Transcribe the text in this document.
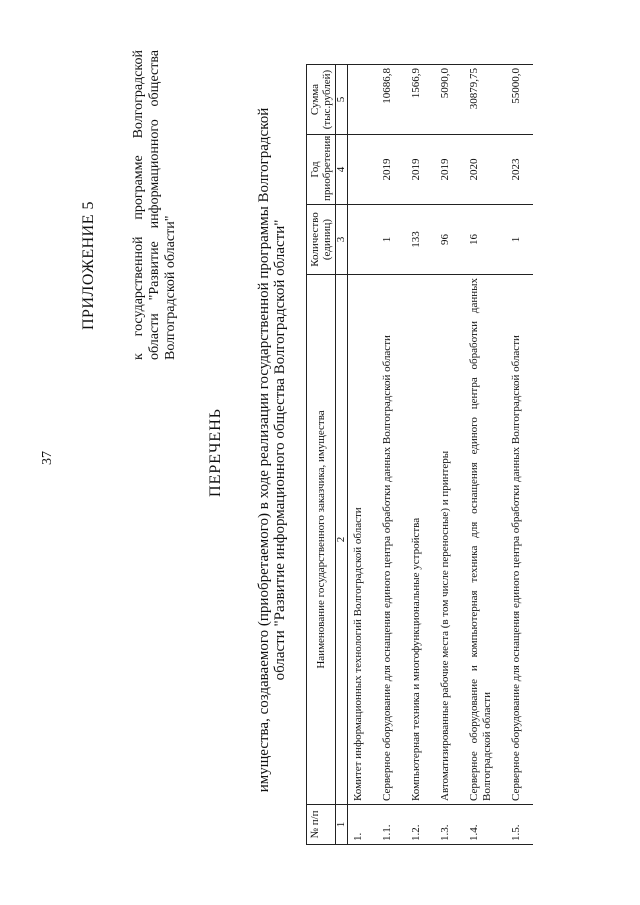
37
ПРИЛОЖЕНИЕ 5 к государственной программе Волгоградской области "Развитие информационного общества Волгоградской области"
ПЕРЕЧЕНЬ имущества, создаваемого (приобретаемого) в ходе реализации государственной программы Волгоградской области "Развитие информационного общества Волгоградской области"
№ п/п	Наименование государственного заказчика, имущества	Количество (единиц)	Год приобретения	Сумма (тыс.рублей)
1	2	3	4	5
1.	Комитет информационных технологий Волгоградской области			
1.1.	Серверное оборудование для оснащения единого центра обработки данных Волгоградской области	1	2019	10686,8
1.2.	Компьютерная техника и многофункциональные устройства	133	2019	1566,9
1.3.	Автоматизированные рабочие места (в том числе переносные) и принтеры	96	2019	5090,0
1.4.	Серверное оборудование и компьютерная техника для оснащения единого центра обработки данных Волгоградской области	16	2020	30879,75
1.5.	Серверное оборудование для оснащения единого центра обработки данных Волгоградской области	1	2023	55000,0
